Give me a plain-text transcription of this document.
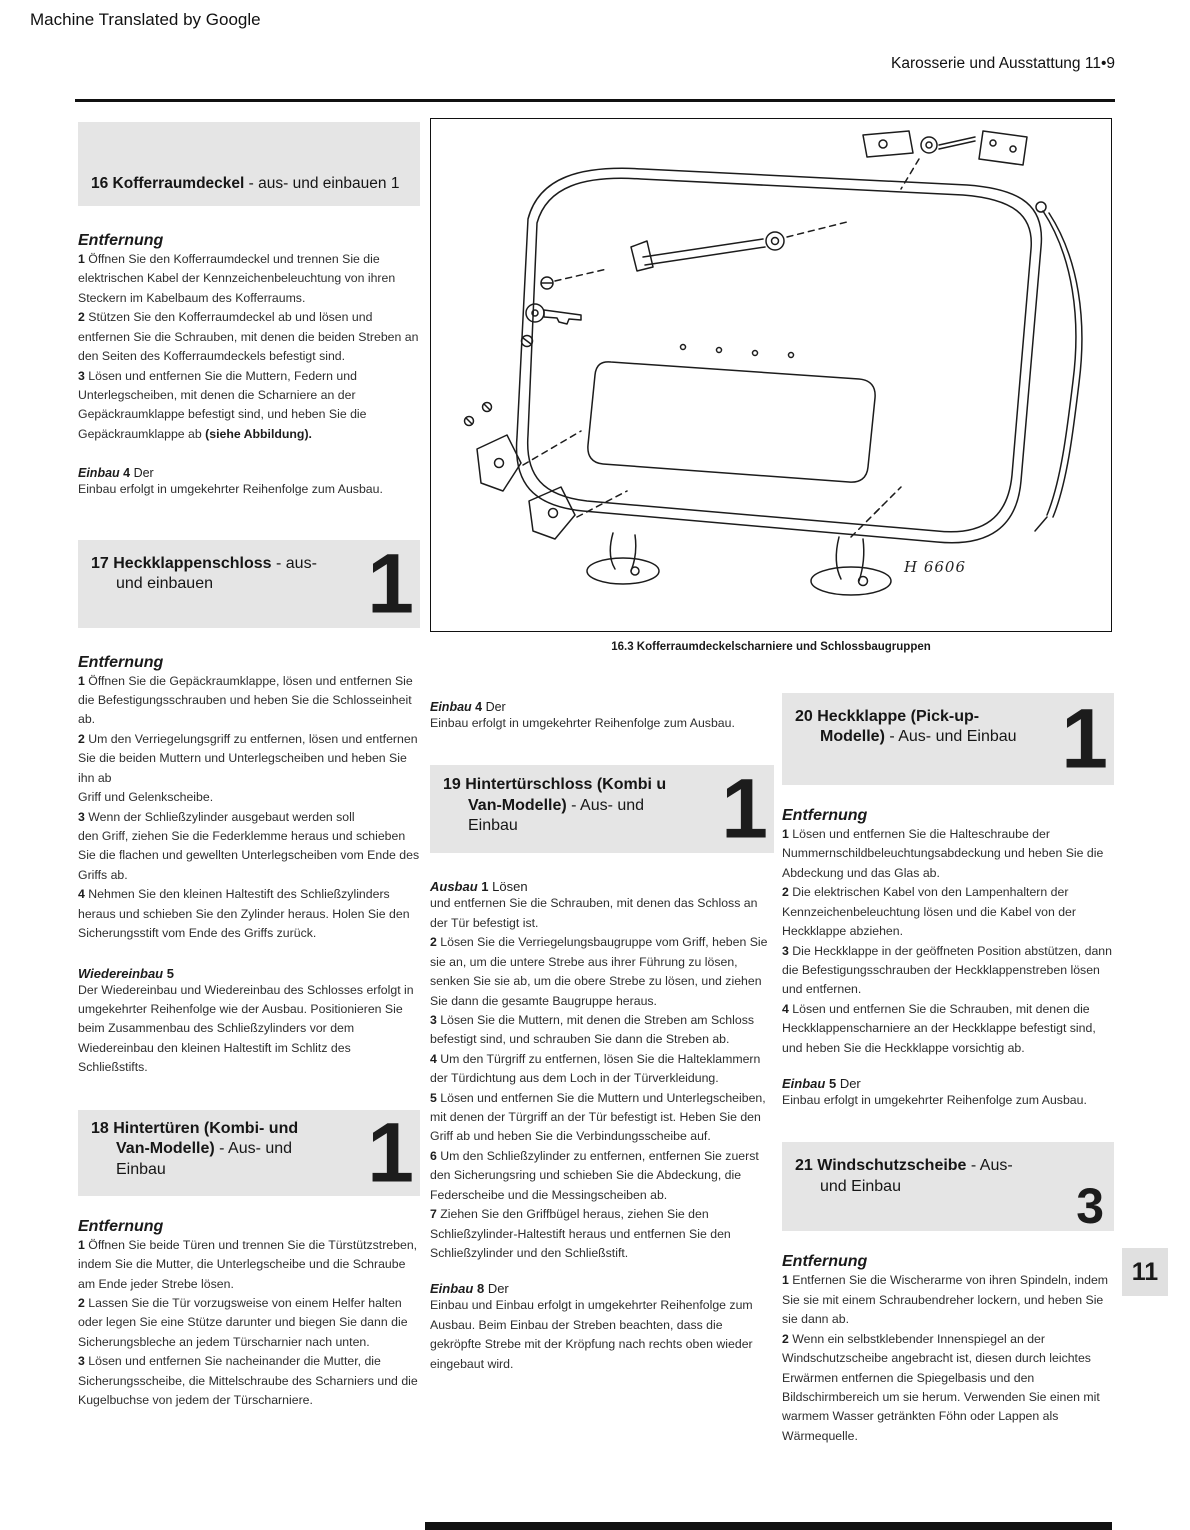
Machine Translated by Google
Karosserie und Ausstattung 11•9
H 6606
16.3 Kofferraumdeckelscharniere und Schlossbaugruppen
16 Kofferraumdeckel - aus- und einbauen 1

Entfernung

1 Öffnen Sie den Kofferraumdeckel und trennen Sie die elektrischen Kabel der Kennzeichenbeleuchtung von ihren Steckern im Kabelbaum des Kofferraums.

2 Stützen Sie den Kofferraumdeckel ab und lösen und entfernen Sie die Schrauben, mit denen die beiden Streben an den Seiten des Kofferraumdeckels befestigt sind.

3 Lösen und entfernen Sie die Muttern, Federn und Unterlegscheiben, mit denen die Scharniere an der Gepäckraumklappe befestigt sind, und heben Sie die Gepäckraumklappe ab (siehe Abbildung).

Einbau 4 Der

Einbau erfolgt in umgekehrter Reihenfolge zum Ausbau.

17 Heckklappenschloss - aus-
und einbauen	1

Entfernung

1 Öffnen Sie die Gepäckraumklappe, lösen und entfernen Sie die Befestigungsschrauben und heben Sie die Schlosseinheit ab.

2 Um den Verriegelungsgriff zu entfernen, lösen und entfernen Sie die beiden Muttern und Unterlegscheiben und heben Sie ihn ab

Griff und Gelenkscheibe.

3 Wenn der Schließzylinder ausgebaut werden soll

den Griff, ziehen Sie die Federklemme heraus und schieben Sie die flachen und gewellten Unterlegscheiben vom Ende des Griffs ab.

4 Nehmen Sie den kleinen Haltestift des Schließzylinders heraus und schieben Sie den Zylinder heraus. Holen Sie den Sicherungsstift vom Ende des Griffs zurück.

Wiedereinbau 5

Der Wiedereinbau und Wiedereinbau des Schlosses erfolgt in umgekehrter Reihenfolge wie der Ausbau. Positionieren Sie beim Zusammenbau des Schließzylinders vor dem Wiedereinbau den kleinen Haltestift im Schlitz des Schließstifts.

18 Hintertüren (Kombi- und
Van-Modelle) - Aus- und
Einbau	1

Entfernung

1 Öffnen Sie beide Türen und trennen Sie die Türstützstreben, indem Sie die Mutter, die Unterlegscheibe und die Schraube am Ende jeder Strebe lösen.

2 Lassen Sie die Tür vorzugsweise von einem Helfer halten oder legen Sie eine Stütze darunter und biegen Sie dann die Sicherungsbleche an jedem Türscharnier nach unten.

3 Lösen und entfernen Sie nacheinander die Mutter, die Sicherungsscheibe, die Mittelschraube des Scharniers und die Kugelbuchse von jedem der Türscharniere.

Einbau 4 Der

Einbau erfolgt in umgekehrter Reihenfolge zum Ausbau.

19 Hintertürschloss (Kombi u
Van-Modelle) - Aus- und
Einbau	1

Ausbau 1 Lösen

und entfernen Sie die Schrauben, mit denen das Schloss an der Tür befestigt ist.

2 Lösen Sie die Verriegelungsbaugruppe vom Griff, heben Sie sie an, um die untere Strebe aus ihrer Führung zu lösen, senken Sie sie ab, um die obere Strebe zu lösen, und ziehen Sie dann die gesamte Baugruppe heraus.

3 Lösen Sie die Muttern, mit denen die Streben am Schloss befestigt sind, und schrauben Sie dann die Streben ab.

4 Um den Türgriff zu entfernen, lösen Sie die Halteklammern der Türdichtung aus dem Loch in der Türverkleidung.

5 Lösen und entfernen Sie die Muttern und Unterlegscheiben, mit denen der Türgriff an der Tür befestigt ist. Heben Sie den Griff ab und heben Sie die Verbindungsscheibe auf.

6 Um den Schließzylinder zu entfernen, entfernen Sie zuerst den Sicherungsring und schieben Sie die Abdeckung, die Federscheibe und die Messingscheiben ab.

7 Ziehen Sie den Griffbügel heraus, ziehen Sie den Schließzylinder-Haltestift heraus und entfernen Sie den Schließzylinder und den Schließstift.

Einbau 8 Der

Einbau und Einbau erfolgt in umgekehrter Reihenfolge zum Ausbau. Beim Einbau der Streben beachten, dass die gekröpfte Strebe mit der Kröpfung nach rechts oben wieder eingebaut wird.

20 Heckklappe (Pick-up-
Modelle) - Aus- und Einbau 1

Entfernung

1 Lösen und entfernen Sie die Halteschraube der Nummernschildbeleuchtungsabdeckung und heben Sie die Abdeckung und das Glas ab.

2 Die elektrischen Kabel von den Lampenhaltern der Kennzeichenbeleuchtung lösen und die Kabel von der Heckklappe abziehen.

3 Die Heckklappe in der geöffneten Position abstützen, dann die Befestigungsschrauben der Heckklappenstreben lösen und entfernen.

4 Lösen und entfernen Sie die Schrauben, mit denen die Heckklappenscharniere an der Heckklappe befestigt sind, und heben Sie die Heckklappe vorsichtig ab.

Einbau 5 Der

Einbau erfolgt in umgekehrter Reihenfolge zum Ausbau.

21 Windschutzscheibe - Aus-
und Einbau	3

Entfernung

1 Entfernen Sie die Wischerarme von ihren Spindeln, indem Sie sie mit einem Schraubendreher lockern, und heben Sie sie dann ab.

2 Wenn ein selbstklebender Innenspiegel an der Windschutzscheibe angebracht ist, diesen durch leichtes Erwärmen entfernen die Spiegelbasis und den Bildschirmbereich um sie herum. Verwenden Sie einen mit warmem Wasser getränkten Föhn oder Lappen als Wärmequelle.

11
